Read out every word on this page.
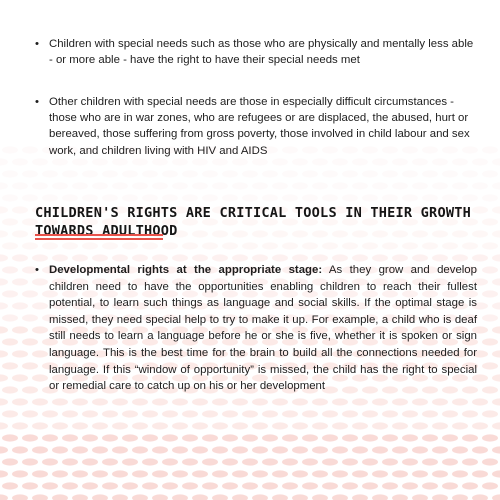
• Children with special needs such as those who are physically and mentally less able - or more able - have the right to have their special needs met
• Other children with special needs are those in especially difficult circumstances - those who are in war zones, who are refugees or are displaced, the abused, hurt or bereaved, those suffering from gross poverty, those involved in child labour and sex work, and children living with HIV and AIDS
CHILDREN'S RIGHTS ARE CRITICAL TOOLS IN THEIR GROWTH TOWARDS ADULTHOOD
• Developmental rights at the appropriate stage: As they grow and develop children need to have the opportunities enabling children to reach their fullest potential, to learn such things as language and social skills. If the optimal stage is missed, they need special help to try to make it up. For example, a child who is deaf still needs to learn a language before he or she is five, whether it is spoken or sign language. This is the best time for the brain to build all the connections needed for language. If this “window of opportunity” is missed, the child has the right to special or remedial care to catch up on his or her development
